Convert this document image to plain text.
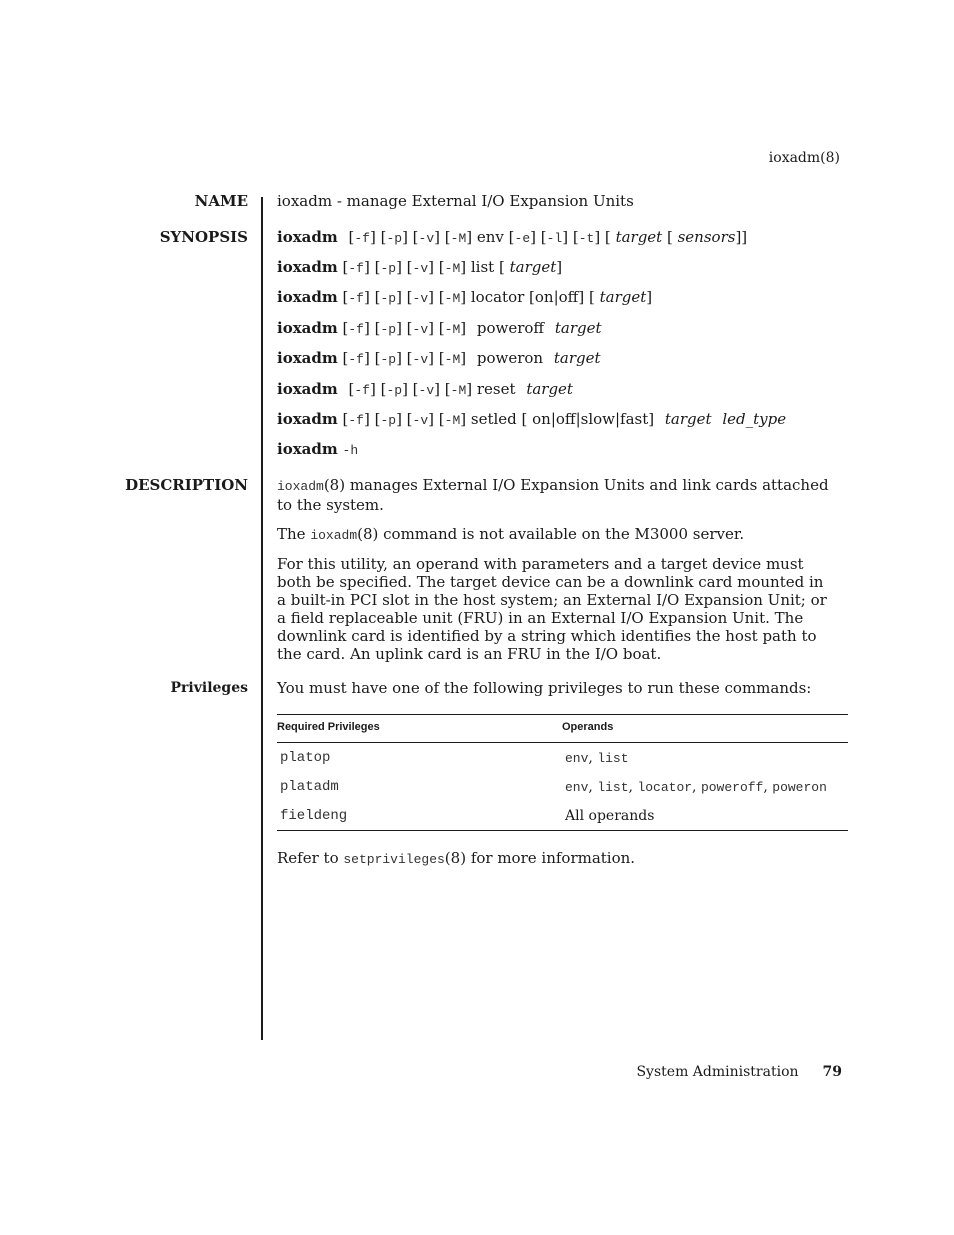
ioxadm(8)
NAME ioxadm - manage External I/O Expansion Units
SYNOPSIS ioxadm [-f] [-p] [-v] [-M] env [-e] [-l] [-t] [ target [ sensors]]
ioxadm [-f] [-p] [-v] [-M] list [ target]
ioxadm [-f] [-p] [-v] [-M] locator [on|off] [ target]
ioxadm [-f] [-p] [-v] [-M] poweroff target
ioxadm [-f] [-p] [-v] [-M] poweron target
ioxadm [-f] [-p] [-v] [-M] reset target
ioxadm [-f] [-p] [-v] [-M] setled [ on|off|slow|fast] target led_type
ioxadm -h
DESCRIPTION ioxadm(8) manages External I/O Expansion Units and link cards attached to the system.
The ioxadm(8) command is not available on the M3000 server.
For this utility, an operand with parameters and a target device must both be specified. The target device can be a downlink card mounted in a built-in PCI slot in the host system; an External I/O Expansion Unit; or a field replaceable unit (FRU) in an External I/O Expansion Unit. The downlink card is identified by a string which identifies the host path to the card. An uplink card is an FRU in the I/O boat.
Privileges You must have one of the following privileges to run these commands:
Required Privileges	Operands
platop	env, list
platadm	env, list, locator, poweroff, poweron
fieldeng	All operands
Refer to setprivileges(8) for more information.
System Administration 79
